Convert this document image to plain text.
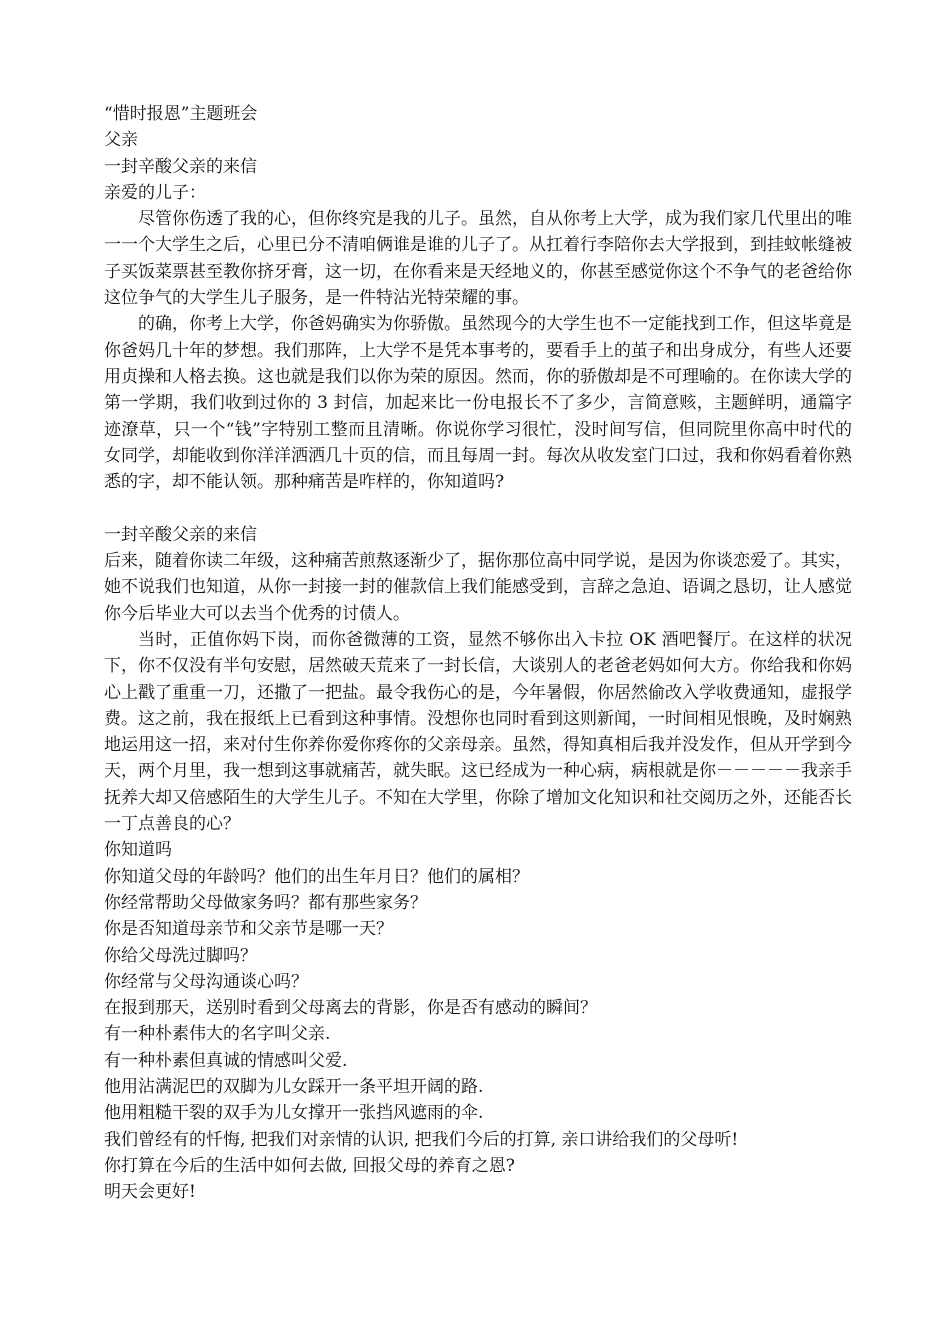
“惜时报恩”主题班会
父亲
一封辛酸父亲的来信
亲爱的儿子：

尽管你伤透了我的心，但你终究是我的儿子。虽然，自从你考上大学，成为我们家几代里出的唯一一个大学生之后，心里已分不清咱俩谁是谁的儿子了。从扛着行李陪你去大学报到，到挂蚊帐缝被子买饭菜票甚至教你挤牙膏，这一切，在你看来是天经地义的，你甚至感觉你这个不争气的老爸给你这位争气的大学生儿子服务，是一件特沾光特荣耀的事。

的确，你考上大学，你爸妈确实为你骄傲。虽然现今的大学生也不一定能找到工作，但这毕竟是你爸妈几十年的梦想。我们那阵，上大学不是凭本事考的，要看手上的茧子和出身成分，有些人还要用贞操和人格去换。这也就是我们以你为荣的原因。然而，你的骄傲却是不可理喻的。在你读大学的第一学期，我们收到过你的 3 封信，加起来比一份电报长不了多少，言简意赅，主题鲜明，通篇字迹潦草，只一个“钱”字特别工整而且清晰。你说你学习很忙，没时间写信，但同院里你高中时代的女同学，却能收到你洋洋洒洒几十页的信，而且每周一封。每次从收发室门口过，我和你妈看着你熟悉的字，却不能认领。那种痛苦是咋样的，你知道吗?

一封辛酸父亲的来信

后来，随着你读二年级，这种痛苦煎熬逐渐少了，据你那位高中同学说，是因为你谈恋爱了。其实，她不说我们也知道，从你一封接一封的催款信上我们能感受到，言辞之急迫、语调之恳切，让人感觉你今后毕业大可以去当个优秀的讨债人。

当时，正值你妈下岗，而你爸微薄的工资，显然不够你出入卡拉 OK 酒吧餐厅。在这样的状况下，你不仅没有半句安慰，居然破天荒来了一封长信，大谈别人的老爸老妈如何大方。你给我和你妈心上戳了重重一刀，还撒了一把盐。最令我伤心的是，今年暑假，你居然偷改入学收费通知，虚报学费。这之前，我在报纸上已看到这种事情。没想你也同时看到这则新闻，一时间相见恨晚，及时娴熟地运用这一招，来对付生你养你爱你疼你的父亲母亲。虽然，得知真相后我并没发作，但从开学到今天，两个月里，我一想到这事就痛苦，就失眠。这已经成为一种心病，病根就是你－－－－－我亲手抚养大却又倍感陌生的大学生儿子。不知在大学里，你除了增加文化知识和社交阅历之外，还能否长一丁点善良的心？

你知道吗
你知道父母的年龄吗？他们的出生年月日？他们的属相？
你经常帮助父母做家务吗？都有那些家务？
你是否知道母亲节和父亲节是哪一天？
你给父母洗过脚吗？
你经常与父母沟通谈心吗？
在报到那天，送别时看到父母离去的背影，你是否有感动的瞬间？
有一种朴素伟大的名字叫父亲.
有一种朴素但真诚的情感叫父爱.
他用沾满泥巴的双脚为儿女踩开一条平坦开阔的路.
他用粗糙干裂的双手为儿女撑开一张挡风遮雨的伞.
我们曾经有的忏悔, 把我们对亲情的认识, 把我们今后的打算, 亲口讲给我们的父母听!
你打算在今后的生活中如何去做, 回报父母的养育之恩?
明天会更好!
